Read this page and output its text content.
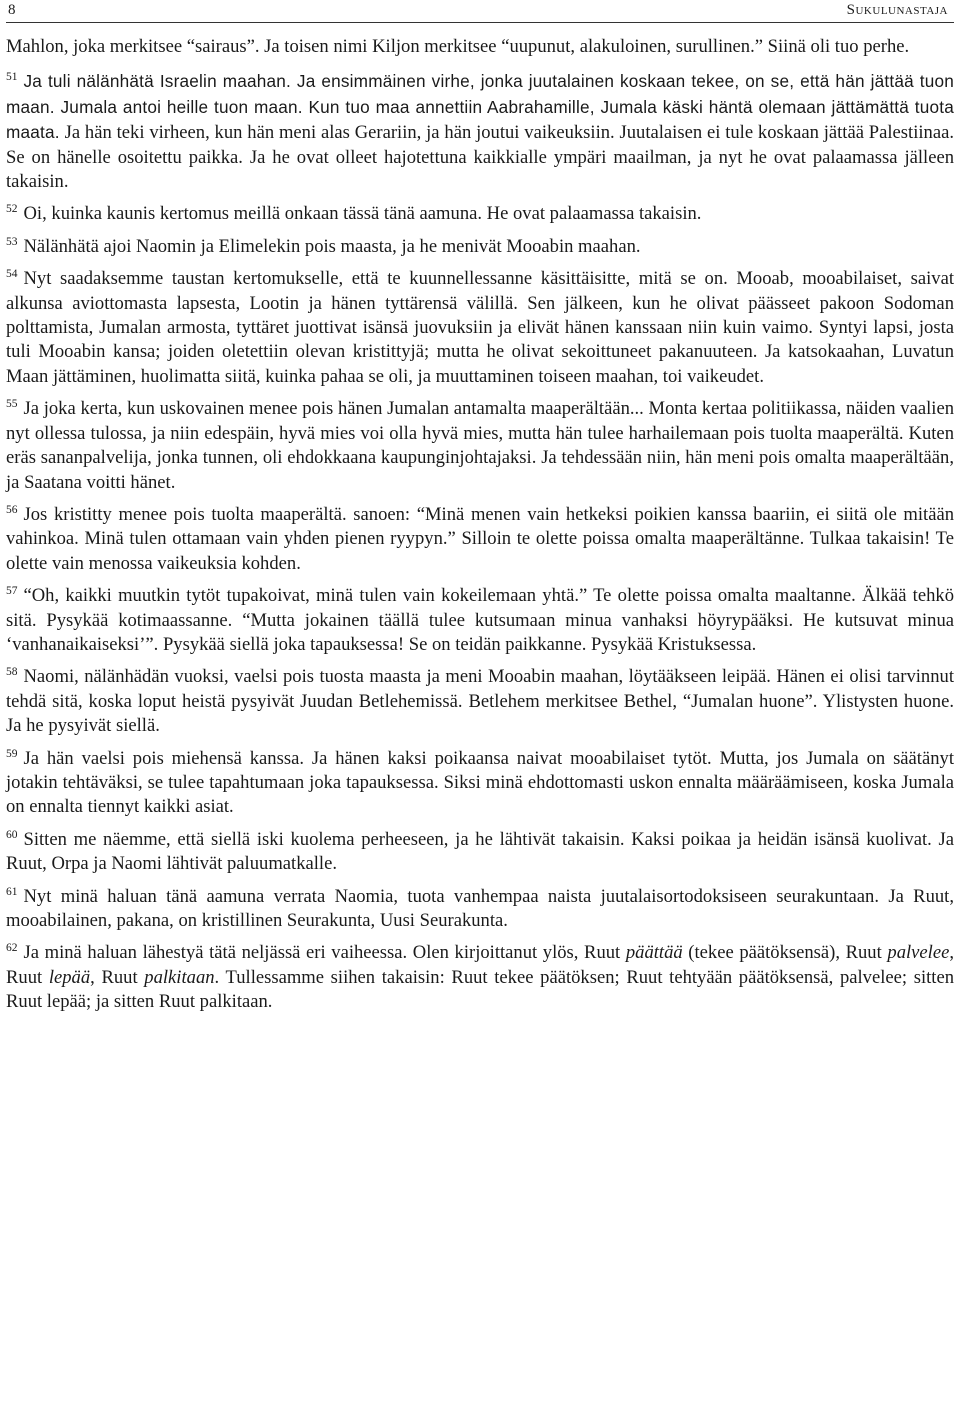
8	Sukulunastaja

Mahlon, joka merkitsee “sairaus”. Ja toisen nimi Kiljon merkitsee “uupunut, alakuloinen, surullinen.” Siinä oli tuo perhe.

$^{51}$ Ja tuli nälänhätä Israelin maahan. Ja ensimmäinen virhe, jonka juutalainen koskaan tekee, on se, että hän jättää tuon maan. Jumala antoi heille tuon maan. Kun tuo maa annettiin Aabrahamille, Jumala käski häntä olemaan jättämättä tuota maata. Ja hän teki virheen, kun hän meni alas Gerariin, ja hän joutui vaikeuksiin. Juutalaisen ei tule koskaan jättää Palestiinaa. Se on hänelle osoitettu paikka. Ja he ovat olleet hajotettuna kaikkialle ympäri maailman, ja nyt he ovat palaamassa jälleen takaisin.

$^{52}$ Oi, kuinka kaunis kertomus meillä onkaan tässä tänä aamuna. He ovat palaamassa takaisin.

$^{53}$ Nälänhätä ajoi Naomin ja Elimelekin pois maasta, ja he menivät Mooabin maahan.

$^{54}$ Nyt saadaksemme taustan kertomukselle, että te kuunnellessanne käsittäisitte, mitä se on. Mooab, mooabilaiset, saivat alkunsa aviottomasta lapsesta, Lootin ja hänen tyttärensä välillä. Sen jälkeen, kun he olivat päässeet pakoon Sodoman polttamista, Jumalan armosta, tyttäret juottivat isänsä juovuksiin ja elivät hänen kanssaan niin kuin vaimo. Syntyi lapsi, josta tuli Mooabin kansa; joiden oletettiin olevan kristittyjä; mutta he olivat sekoittuneet pakanuuteen. Ja katsokaahan, Luvatun Maan jättäminen, huolimatta siitä, kuinka pahaa se oli, ja muuttaminen toiseen maahan, toi vaikeudet.

$^{55}$ Ja joka kerta, kun uskovainen menee pois hänen Jumalan antamalta maaperältään... Monta kertaa politiikassa, näiden vaalien nyt ollessa tulossa, ja niin edespäin, hyvä mies voi olla hyvä mies, mutta hän tulee harhailemaan pois tuolta maaperältä. Kuten eräs sananpalvelija, jonka tunnen, oli ehdokkaana kaupunginjohtajaksi. Ja tehdessään niin, hän meni pois omalta maaperältään, ja Saatana voitti hänet.

$^{56}$ Jos kristitty menee pois tuolta maaperältä. sanoen: “Minä menen vain hetkeksi poikien kanssa baariin, ei siitä ole mitään vahinkoa. Minä tulen ottamaan vain yhden pienen ryypyn.” Silloin te olette poissa omalta maaperältänne. Tulkaa takaisin! Te olette vain menossa vaikeuksia kohden.

$^{57}$ “Oh, kaikki muutkin tytöt tupakoivat, minä tulen vain kokeilemaan yhtä.” Te olette poissa omalta maaltanne. Älkää tehkö sitä. Pysykää kotimaassanne. “Mutta jokainen täällä tulee kutsumaan minua vanhaksi höyrypääksi. He kutsuvat minua ‘vanhanaikaiseksi’”. Pysykää siellä joka tapauksessa! Se on teidän paikkanne. Pysykää Kristuksessa.

$^{58}$ Naomi, nälänhädän vuoksi, vaelsi pois tuosta maasta ja meni Mooabin maahan, löytääkseen leipää. Hänen ei olisi tarvinnut tehdä sitä, koska loput heistä pysyivät Juudan Betlehemissä. Betlehem merkitsee Bethel, “Jumalan huone”. Ylistysten huone. Ja he pysyivät siellä.

$^{59}$ Ja hän vaelsi pois miehensä kanssa. Ja hänen kaksi poikaansa naivat mooabilaiset tytöt. Mutta, jos Jumala on säätänyt jotakin tehtäväksi, se tulee tapahtumaan joka tapauksessa. Siksi minä ehdottomasti uskon ennalta määräämiseen, koska Jumala on ennalta tiennyt kaikki asiat.

$^{60}$ Sitten me näemme, että siellä iski kuolema perheeseen, ja he lähtivät takaisin. Kaksi poikaa ja heidän isänsä kuolivat. Ja Ruut, Orpa ja Naomi lähtivät paluumatkalle.

$^{61}$ Nyt minä haluan tänä aamuna verrata Naomia, tuota vanhempaa naista juutalaisortodoksiseen seurakuntaan. Ja Ruut, mooabilainen, pakana, on kristillinen Seurakunta, Uusi Seurakunta.

$^{62}$ Ja minä haluan lähestyä tätä neljässä eri vaiheessa. Olen kirjoittanut ylös, Ruut päättää (tekee päätöksensä), Ruut palvelee, Ruut lepää, Ruut palkitaan. Tullessamme siihen takaisin: Ruut tekee päätöksen; Ruut tehtyään päätöksensä, palvelee; sitten Ruut lepää; ja sitten Ruut palkitaan.
